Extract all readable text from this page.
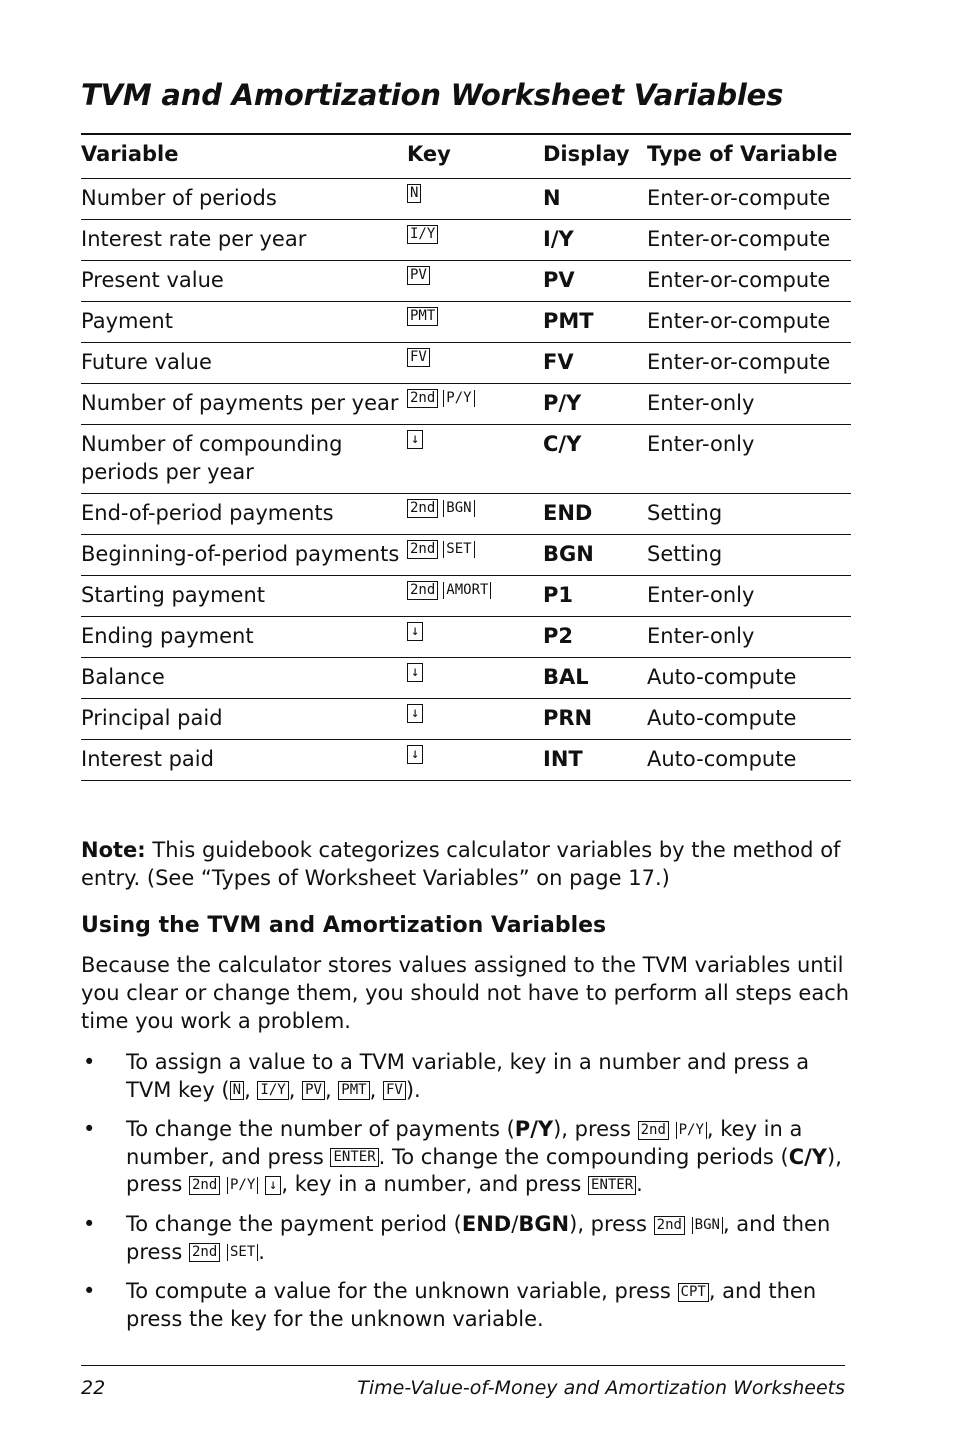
TVM and Amortization Worksheet Variables
Variable	Key	Display	Type of Variable
Number of periods	N	N	Enter-or-compute
Interest rate per year	I/Y	I/Y	Enter-or-compute
Present value	PV	PV	Enter-or-compute
Payment	PMT	PMT	Enter-or-compute
Future value	FV	FV	Enter-or-compute
Number of payments per year	2nd P/Y	P/Y	Enter-only
Number of compounding periods per year	↓	C/Y	Enter-only
End-of-period payments	2nd BGN	END	Setting
Beginning-of-period payments	2nd SET	BGN	Setting
Starting payment	2nd AMORT	P1	Enter-only
Ending payment	↓	P2	Enter-only
Balance	↓	BAL	Auto-compute
Principal paid	↓	PRN	Auto-compute
Interest paid	↓	INT	Auto-compute

Note: This guidebook categorizes calculator variables by the method of entry. (See “Types of Worksheet Variables” on page 17.)

Using the TVM and Amortization Variables

Because the calculator stores values assigned to the TVM variables until you clear or change them, you should not have to perform all steps each time you work a problem.

• To assign a value to a TVM variable, key in a number and press a TVM key ( N , I/Y , PV , PMT , FV ).
• To change the number of payments (P/Y), press 2nd P/Y , key in a number, and press ENTER . To change the compounding periods (C/Y), press 2nd P/Y ↓ , key in a number, and press ENTER .
• To change the payment period (END/BGN), press 2nd BGN , and then press 2nd SET .
• To compute a value for the unknown variable, press CPT , and then press the key for the unknown variable.
22	Time-Value-of-Money and Amortization Worksheets
